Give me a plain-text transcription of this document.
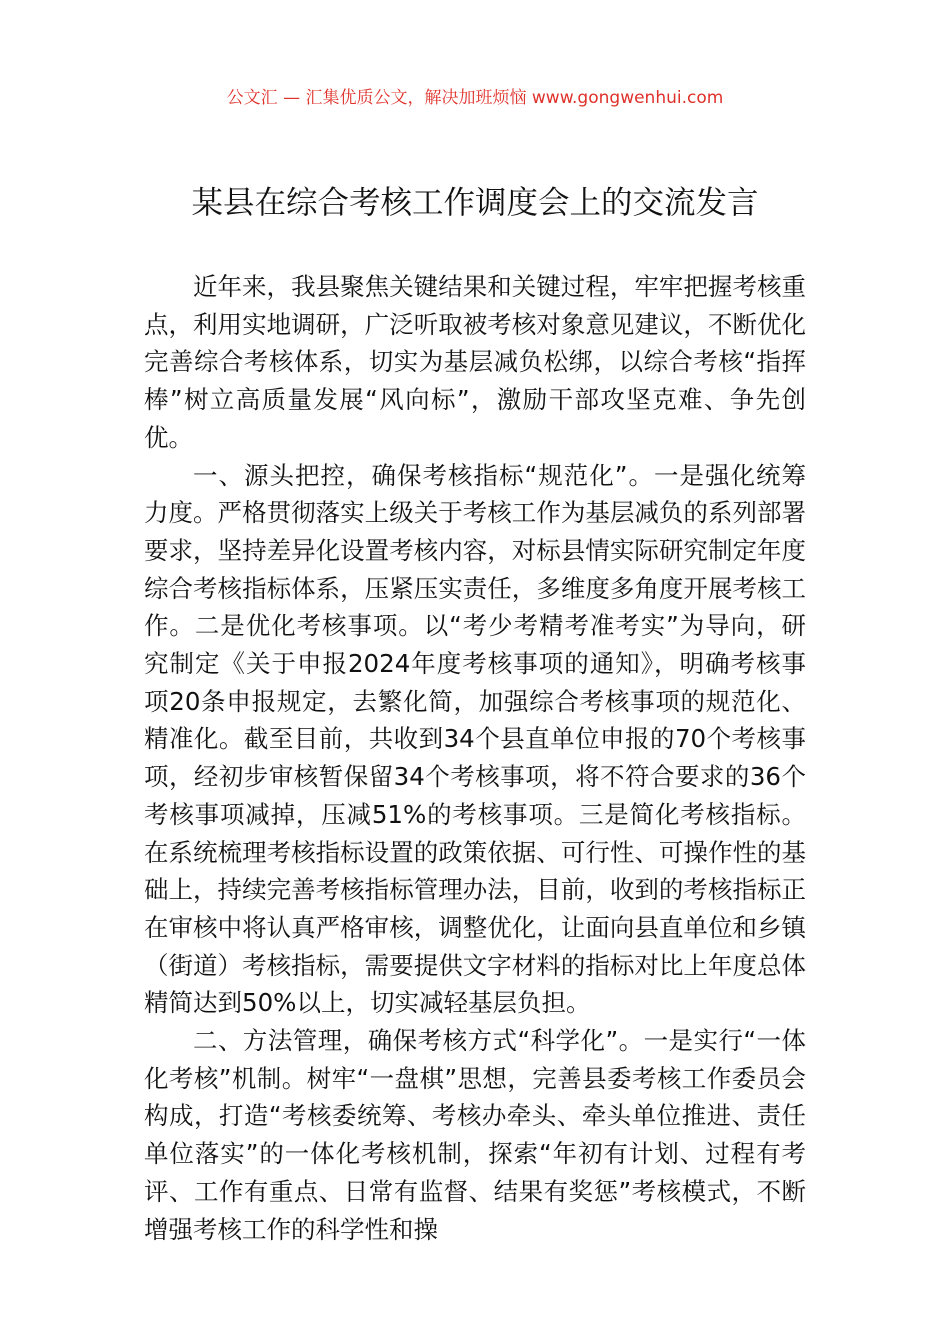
公文汇 — 汇集优质公文，解决加班烦恼 www.gongwenhui.com
某县在综合考核工作调度会上的交流发言

近年来，我县聚焦关键结果和关键过程，牢牢把握考核重点，利用实地调研，广泛听取被考核对象意见建议，不断优化完善综合考核体系，切实为基层减负松绑，以综合考核“指挥棒”树立高质量发展“风向标”，激励干部攻坚克难、争先创优。

一、源头把控，确保考核指标“规范化”。一是强化统筹力度。严格贯彻落实上级关于考核工作为基层减负的系列部署要求，坚持差异化设置考核内容，对标县情实际研究制定年度综合考核指标体系，压紧压实责任，多维度多角度开展考核工作。二是优化考核事项。以“考少考精考准考实”为导向，研究制定《关于申报2024年度考核事项的通知》，明确考核事项20条申报规定，去繁化简，加强综合考核事项的规范化、精准化。截至目前，共收到34个县直单位申报的70个考核事项，经初步审核暂保留34个考核事项，将不符合要求的36个考核事项减掉，压减51%的考核事项。三是简化考核指标。在系统梳理考核指标设置的政策依据、可行性、可操作性的基础上，持续完善考核指标管理办法，目前，收到的考核指标正在审核中将认真严格审核，调整优化，让面向县直单位和乡镇（街道）考核指标，需要提供文字材料的指标对比上年度总体精简达到50%以上，切实减轻基层负担。

二、方法管理，确保考核方式“科学化”。一是实行“一体化考核”机制。树牢“一盘棋”思想，完善县委考核工作委员会构成，打造“考核委统筹、考核办牵头、牵头单位推进、责任单位落实”的一体化考核机制，探索“年初有计划、过程有考评、工作有重点、日常有监督、结果有奖惩”考核模式，不断增强考核工作的科学性和操
